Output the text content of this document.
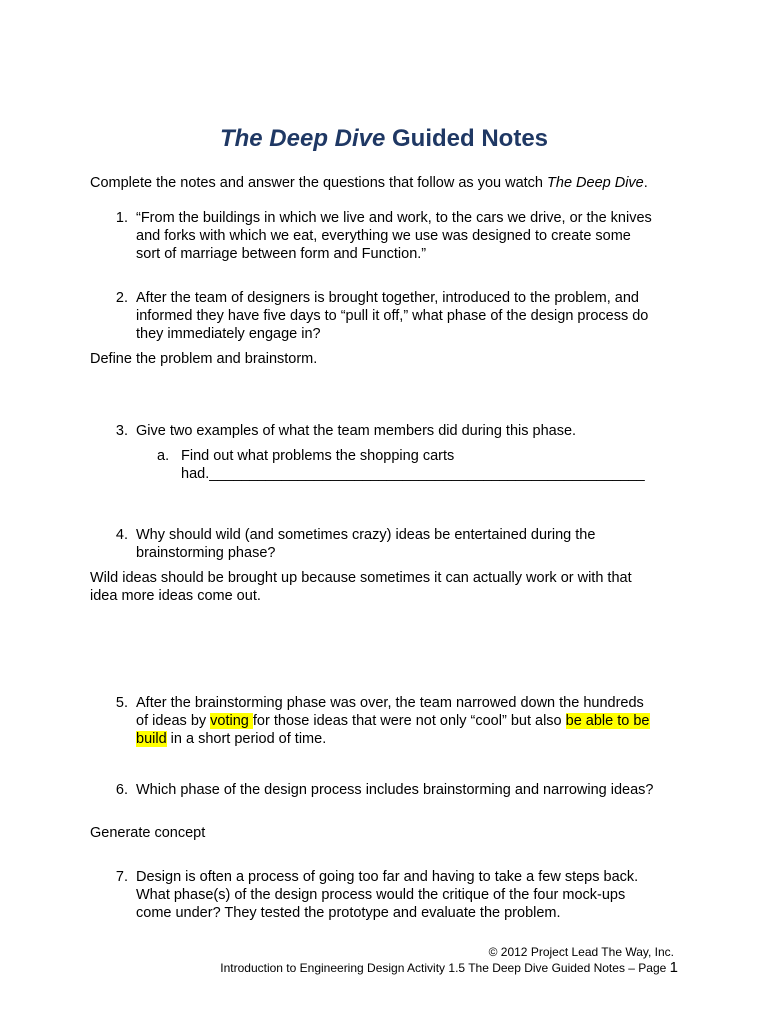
The Deep Dive Guided Notes
Complete the notes and answer the questions that follow as you watch The Deep Dive.
1. “From the buildings in which we live and work, to the cars we drive, or the knives
and forks with which we eat, everything we use was designed to create some
sort of marriage between form and Function.”
2. After the team of designers is brought together, introduced to the problem, and
informed they have five days to “pull it off,” what phase of the design process do
they immediately engage in?
Define the problem and brainstorm.
3. Give two examples of what the team members did during this phase.
a. Find out what problems the shopping carts
had.______________________________________________________
4. Why should wild (and sometimes crazy) ideas be entertained during the
brainstorming phase?
Wild ideas should be brought up because sometimes it can actually work or with that
idea more ideas come out.
5. After the brainstorming phase was over, the team narrowed down the hundreds
of ideas by voting for those ideas that were not only “cool” but also be able to be
build in a short period of time.
6. Which phase of the design process includes brainstorming and narrowing ideas?
Generate concept
7. Design is often a process of going too far and having to take a few steps back.
What phase(s) of the design process would the critique of the four mock-ups
come under? They tested the prototype and evaluate the problem.
© 2012 Project Lead The Way, Inc.
Introduction to Engineering Design Activity 1.5 The Deep Dive Guided Notes – Page 1
